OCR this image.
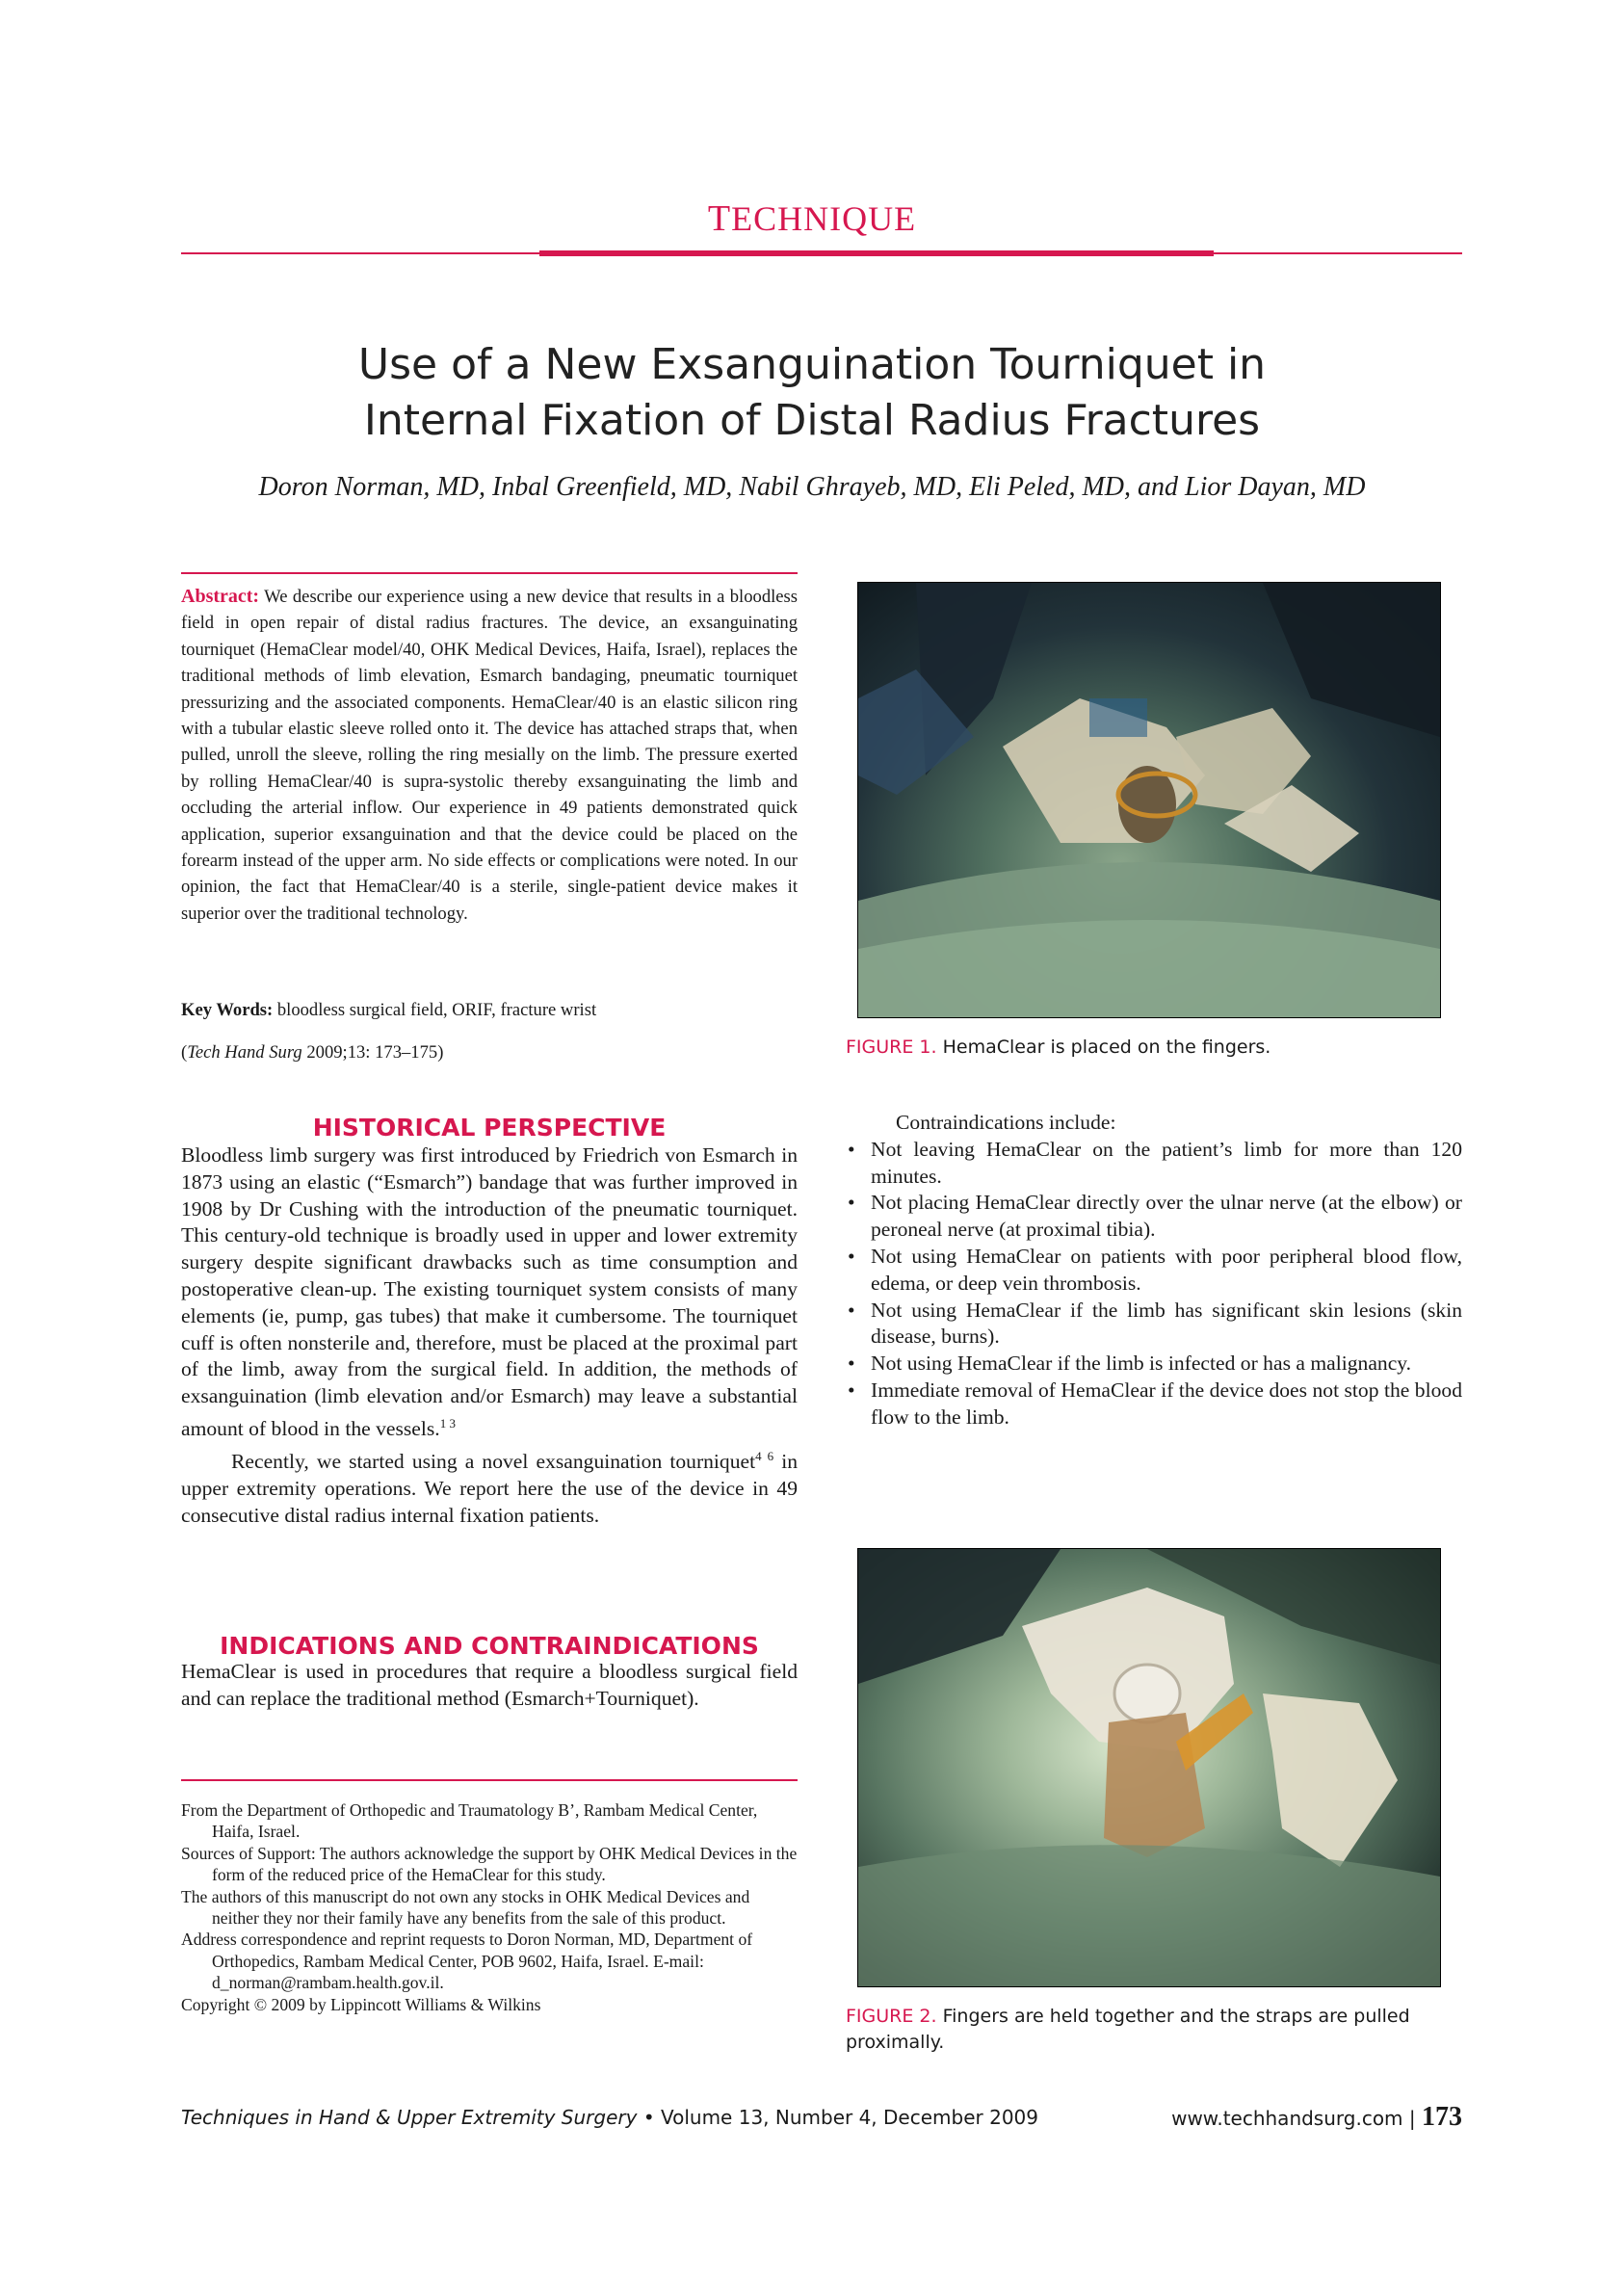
TECHNIQUE
Use of a New Exsanguination Tourniquet in
Internal Fixation of Distal Radius Fractures
Doron Norman, MD, Inbal Greenfield, MD, Nabil Ghrayeb, MD, Eli Peled, MD, and Lior Dayan, MD
Abstract: We describe our experience using a new device that results in a bloodless field in open repair of distal radius fractures. The device, an exsanguinating tourniquet (HemaClear model/40, OHK Medical Devices, Haifa, Israel), replaces the traditional methods of limb elevation, Esmarch bandaging, pneumatic tourniquet pressurizing and the associated components. HemaClear/40 is an elastic silicon ring with a tubular elastic sleeve rolled onto it. The device has attached straps that, when pulled, unroll the sleeve, rolling the ring mesially on the limb. The pressure exerted by rolling HemaClear/40 is supra-systolic thereby exsanguinating the limb and occluding the arterial inflow. Our experience in 49 patients demonstrated quick application, superior exsanguination and that the device could be placed on the forearm instead of the upper arm. No side effects or complications were noted. In our opinion, the fact that HemaClear/40 is a sterile, single-patient device makes it superior over the traditional technology.
Key Words: bloodless surgical field, ORIF, fracture wrist
(Tech Hand Surg 2009;13: 173–175)
HISTORICAL PERSPECTIVE

Bloodless limb surgery was first introduced by Friedrich von Esmarch in 1873 using an elastic (“Esmarch”) bandage that was further improved in 1908 by Dr Cushing with the introduction of the pneumatic tourniquet. This century-old technique is broadly used in upper and lower extremity surgery despite significant drawbacks such as time consumption and postoperative clean-up. The existing tourniquet system consists of many elements (ie, pump, gas tubes) that make it cumbersome. The tourniquet cuff is often nonsterile and, therefore, must be placed at the proximal part of the limb, away from the surgical field. In addition, the methods of exsanguination (limb elevation and/or Esmarch) may leave a substantial amount of blood in the vessels.$^{1 3}$

Recently, we started using a novel exsanguination tourniquet$^{4 6}$ in upper extremity operations. We report here the use of the device in 49 consecutive distal radius internal fixation patients.

INDICATIONS AND CONTRAINDICATIONS
HemaClear is used in procedures that require a bloodless surgical field and can replace the traditional method (Esmarch+Tourniquet).

From the Department of Orthopedic and Traumatology B’, Rambam Medical Center, Haifa, Israel.

Sources of Support: The authors acknowledge the support by OHK Medical Devices in the form of the reduced price of the HemaClear for this study.

The authors of this manuscript do not own any stocks in OHK Medical Devices and neither they nor their family have any benefits from the sale of this product.

Address correspondence and reprint requests to Doron Norman, MD, Department of Orthopedics, Rambam Medical Center, POB 9602, Haifa, Israel. E-mail: d_norman@rambam.health.gov.il.

Copyright © 2009 by Lippincott Williams & Wilkins

FIGURE 1. HemaClear is placed on the fingers.

Contraindications include:

• Not leaving HemaClear on the patient’s limb for more than 120 minutes.
• Not placing HemaClear directly over the ulnar nerve (at the elbow) or peroneal nerve (at proximal tibia).
• Not using HemaClear on patients with poor peripheral blood flow, edema, or deep vein thrombosis.
• Not using HemaClear if the limb has significant skin lesions (skin disease, burns).
• Not using HemaClear if the limb is infected or has a malignancy.
• Immediate removal of HemaClear if the device does not stop the blood flow to the limb.
FIGURE 2. Fingers are held together and the straps are pulled proximally.
Techniques in Hand & Upper Extremity Surgery • Volume 13, Number 4, December 2009	www.techhandsurg.com | 173
